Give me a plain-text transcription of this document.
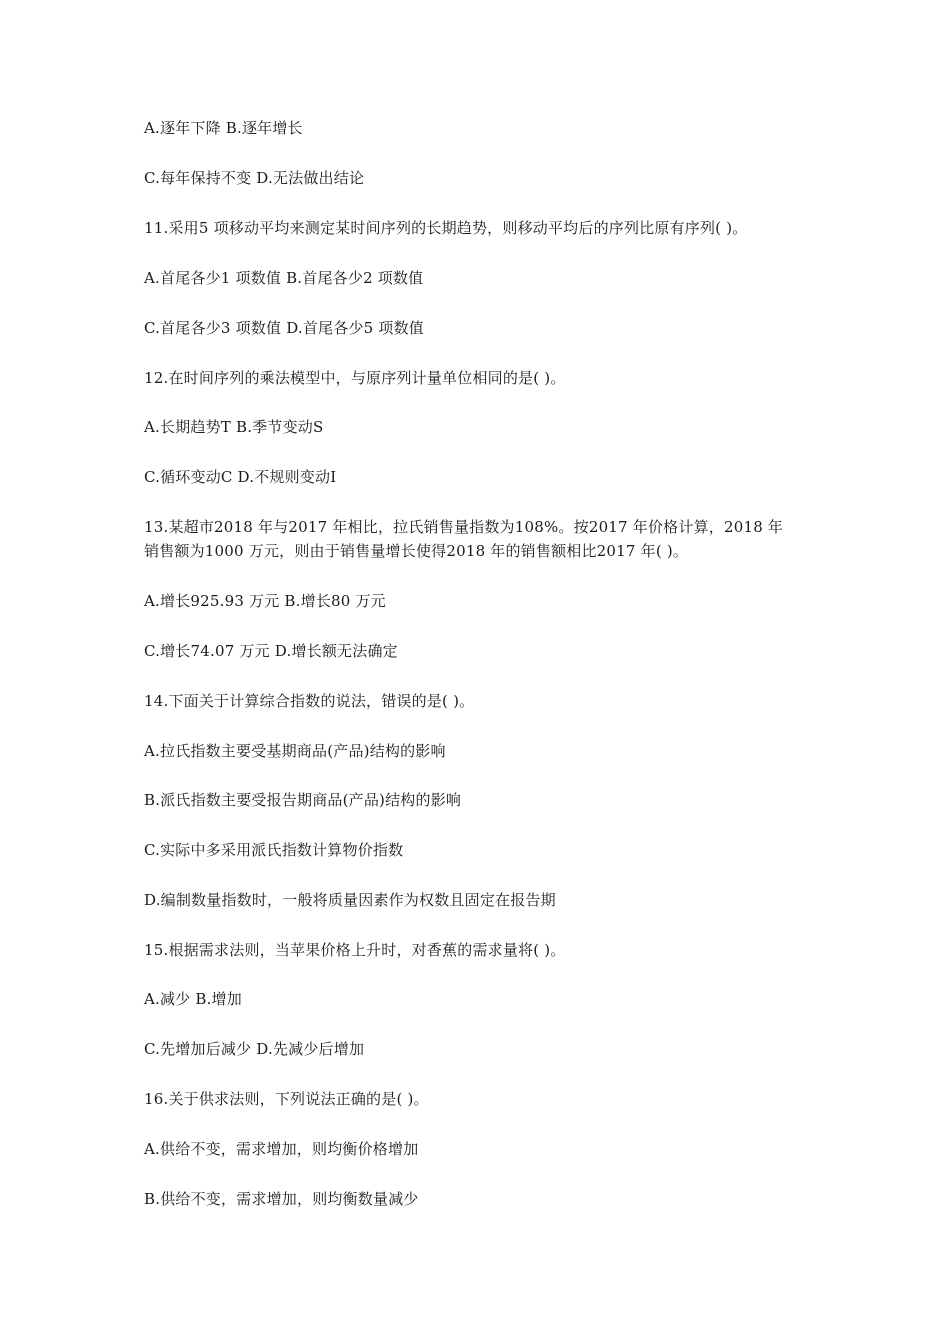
A.逐年下降 B.逐年增长
C.每年保持不变 D.无法做出结论
11.采用5 项移动平均来测定某时间序列的长期趋势，则移动平均后的序列比原有序列( )。
A.首尾各少1 项数值 B.首尾各少2 项数值
C.首尾各少3 项数值 D.首尾各少5 项数值
12.在时间序列的乘法模型中，与原序列计量单位相同的是( )。
A.长期趋势T B.季节变动S
C.循环变动C D.不规则变动I
13.某超市2018 年与2017 年相比，拉氏销售量指数为108%。按2017 年价格计算，2018 年
销售额为1000 万元，则由于销售量增长使得2018 年的销售额相比2017 年( )。
A.增长925.93 万元 B.增长80 万元
C.增长74.07 万元 D.增长额无法确定
14.下面关于计算综合指数的说法，错误的是( )。
A.拉氏指数主要受基期商品(产品)结构的影响
B.派氏指数主要受报告期商品(产品)结构的影响
C.实际中多采用派氏指数计算物价指数
D.编制数量指数时，一般将质量因素作为权数且固定在报告期
15.根据需求法则，当苹果价格上升时，对香蕉的需求量将( )。
A.减少 B.增加
C.先增加后减少 D.先减少后增加
16.关于供求法则，下列说法正确的是( )。
A.供给不变，需求增加，则均衡价格增加
B.供给不变，需求增加，则均衡数量减少
